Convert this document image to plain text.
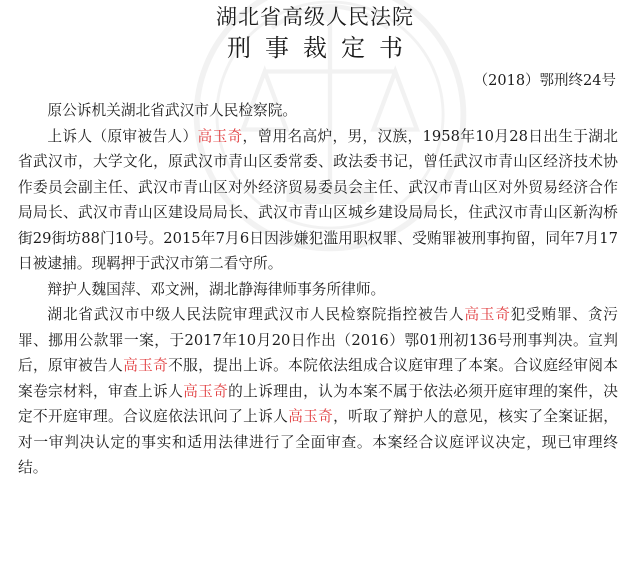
湖北省高级人民法院
刑事裁定书
（2018）鄂刑终24号

原公诉机关湖北省武汉市人民检察院。

上诉人（原审被告人）高玉奇，曾用名高炉，男，汉族，1958年10月28日出生于湖北省武汉市，大学文化，原武汉市青山区委常委、政法委书记，曾任武汉市青山区经济技术协作委员会副主任、武汉市青山区对外经济贸易委员会主任、武汉市青山区对外贸易经济合作局局长、武汉市青山区建设局局长、武汉市青山区城乡建设局局长，住武汉市青山区新沟桥街29街坊88门10号。2015年7月6日因涉嫌犯滥用职权罪、受贿罪被刑事拘留，同年7月17日被逮捕。现羁押于武汉市第二看守所。

辩护人魏国萍、邓文洲，湖北静海律师事务所律师。

湖北省武汉市中级人民法院审理武汉市人民检察院指控被告人高玉奇犯受贿罪、贪污罪、挪用公款罪一案，于2017年10月20日作出（2016）鄂01刑初136号刑事判决。宣判后，原审被告人高玉奇不服，提出上诉。本院依法组成合议庭审理了本案。合议庭经审阅本案卷宗材料，审查上诉人高玉奇的上诉理由，认为本案不属于依法必须开庭审理的案件，决定不开庭审理。合议庭依法讯问了上诉人高玉奇，听取了辩护人的意见，核实了全案证据，对一审判决认定的事实和适用法律进行了全面审查。本案经合议庭评议决定，现已审理终结。
